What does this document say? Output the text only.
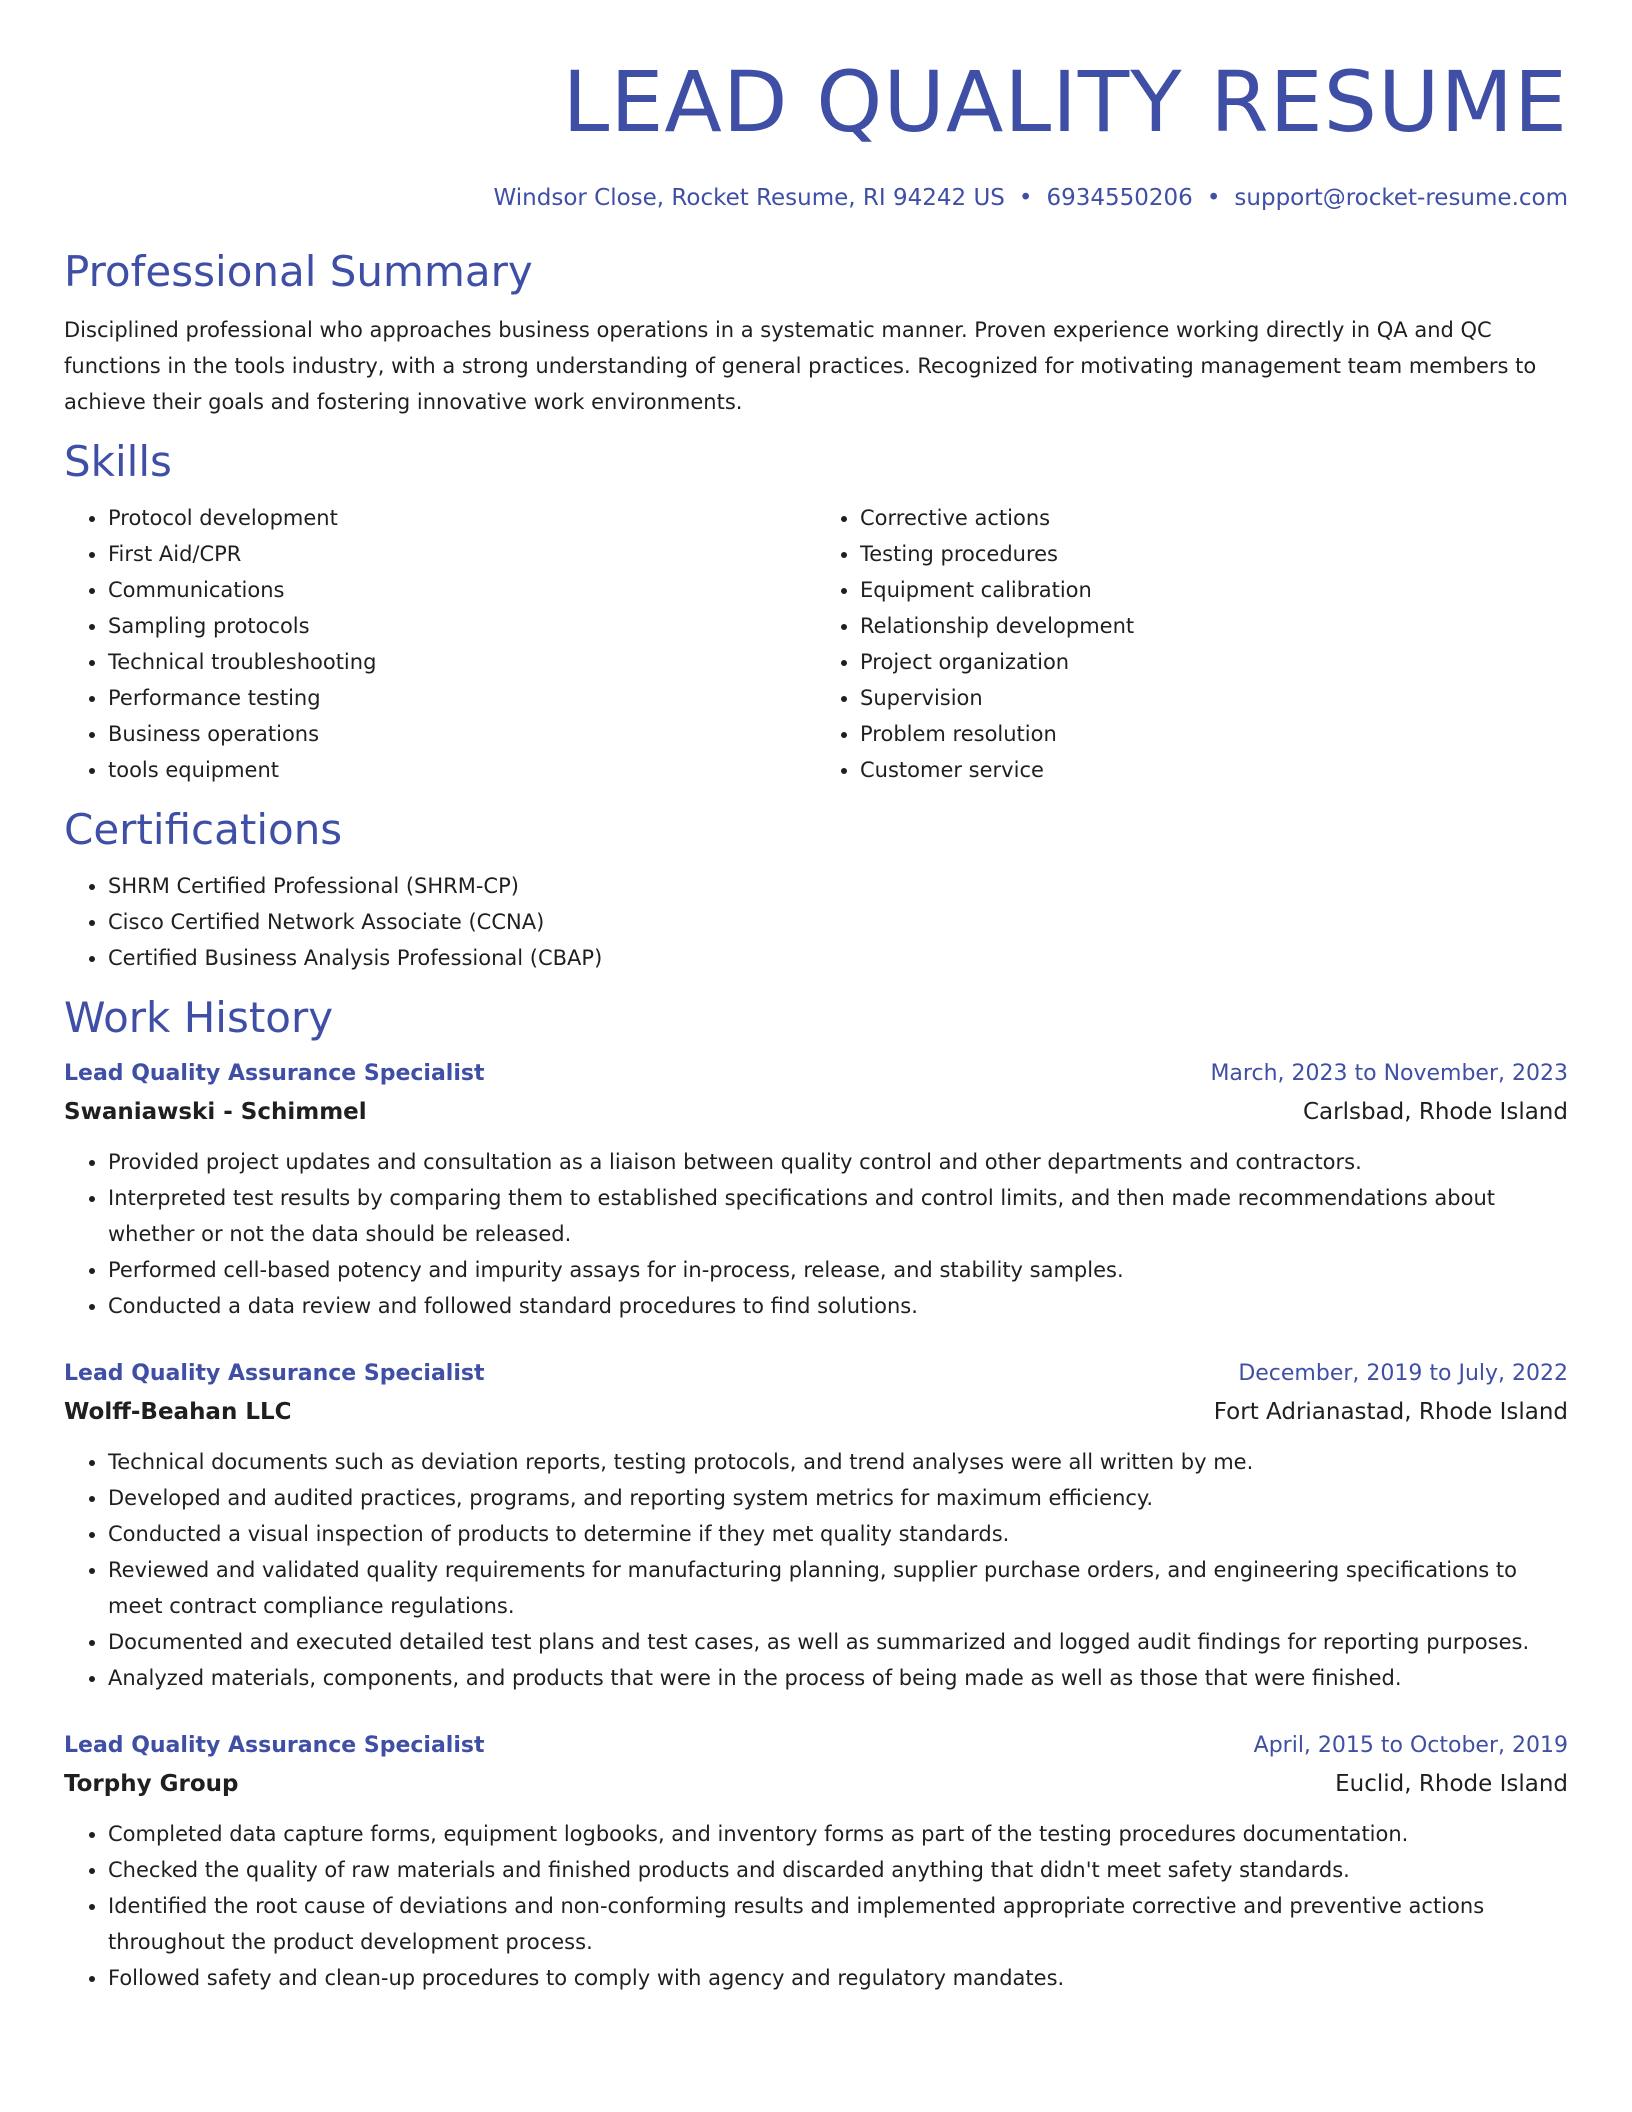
LEAD QUALITY RESUME
Windsor Close, Rocket Resume, RI 94242 US • 6934550206 • support@rocket-resume.com
Professional Summary

Disciplined professional who approaches business operations in a systematic manner. Proven experience working directly in QA and QC functions in the tools industry, with a strong understanding of general practices. Recognized for motivating management team members to achieve their goals and fostering innovative work environments.

Skills
• Protocol development
• First Aid/CPR
• Communications
• Sampling protocols
• Technical troubleshooting
• Performance testing
• Business operations
• tools equipment
• Corrective actions
• Testing procedures
• Equipment calibration
• Relationship development
• Project organization
• Supervision
• Problem resolution
• Customer service
Certifications
• SHRM Certified Professional (SHRM-CP)
• Cisco Certified Network Associate (CCNA)
• Certified Business Analysis Professional (CBAP)
Work History
Lead Quality Assurance Specialist	March, 2023 to November, 2023
Swaniawski - Schimmel	Carlsbad, Rhode Island
• Provided project updates and consultation as a liaison between quality control and other departments and contractors.
• Interpreted test results by comparing them to established specifications and control limits, and then made recommendations about whether or not the data should be released.
• Performed cell-based potency and impurity assays for in-process, release, and stability samples.
• Conducted a data review and followed standard procedures to find solutions.
Lead Quality Assurance Specialist	December, 2019 to July, 2022
Wolff-Beahan LLC	Fort Adrianastad, Rhode Island
• Technical documents such as deviation reports, testing protocols, and trend analyses were all written by me.
• Developed and audited practices, programs, and reporting system metrics for maximum efficiency.
• Conducted a visual inspection of products to determine if they met quality standards.
• Reviewed and validated quality requirements for manufacturing planning, supplier purchase orders, and engineering specifications to meet contract compliance regulations.
• Documented and executed detailed test plans and test cases, as well as summarized and logged audit findings for reporting purposes.
• Analyzed materials, components, and products that were in the process of being made as well as those that were finished.
Lead Quality Assurance Specialist	April, 2015 to October, 2019
Torphy Group	Euclid, Rhode Island
• Completed data capture forms, equipment logbooks, and inventory forms as part of the testing procedures documentation.
• Checked the quality of raw materials and finished products and discarded anything that didn't meet safety standards.
• Identified the root cause of deviations and non-conforming results and implemented appropriate corrective and preventive actions throughout the product development process.
• Followed safety and clean-up procedures to comply with agency and regulatory mandates.
